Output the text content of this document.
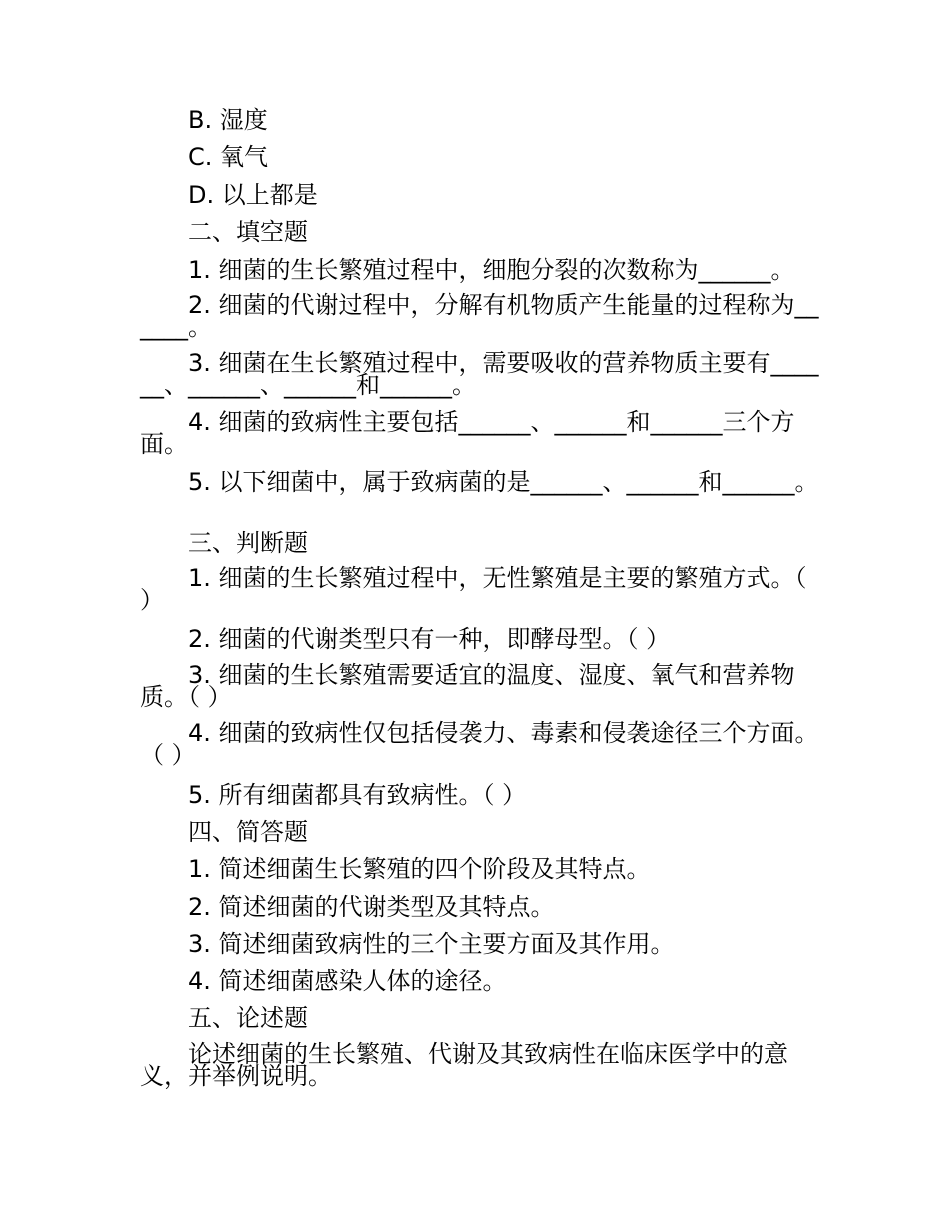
B. 湿度
C. 氧气
D. 以上都是
二、填空题
1. 细菌的生长繁殖过程中，细胞分裂的次数称为______。
2. 细菌的代谢过程中，分解有机物质产生能量的过程称为______。
3. 细菌在生长繁殖过程中，需要吸收的营养物质主要有______、______、______和______。
4. 细菌的致病性主要包括______、______和______三个方面。
5. 以下细菌中，属于致病菌的是______、______和______。
三、判断题
1. 细菌的生长繁殖过程中，无性繁殖是主要的繁殖方式。（ ）
2. 细菌的代谢类型只有一种，即酵母型。（ ）
3. 细菌的生长繁殖需要适宜的温度、湿度、氧气和营养物质。（ ）
4. 细菌的致病性仅包括侵袭力、毒素和侵袭途径三个方面。（ ）
5. 所有细菌都具有致病性。（ ）
四、简答题
1. 简述细菌生长繁殖的四个阶段及其特点。
2. 简述细菌的代谢类型及其特点。
3. 简述细菌致病性的三个主要方面及其作用。
4. 简述细菌感染人体的途径。
五、论述题
论述细菌的生长繁殖、代谢及其致病性在临床医学中的意义，并举例说明。
